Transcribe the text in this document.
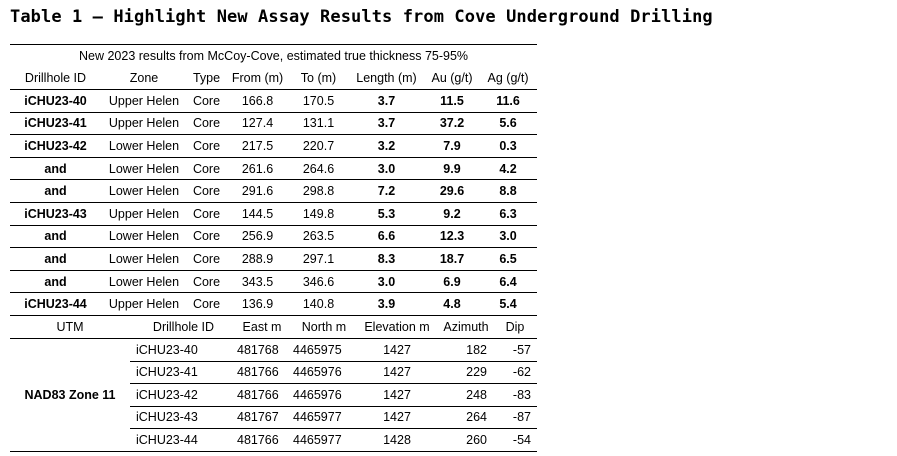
Table 1 – Highlight New Assay Results from Cove Underground Drilling
New 2023 results from McCoy-Cove, estimated true thickness 75-95%							
Drillhole ID	Zone	Type	From (m)	To (m)	Length (m)	Au (g/t)	Ag (g/t)
iCHU23-40	Upper Helen	Core	166.8	170.5	3.7	11.5	11.6
iCHU23-41	Upper Helen	Core	127.4	131.1	3.7	37.2	5.6
iCHU23-42	Lower Helen	Core	217.5	220.7	3.2	7.9	0.3
and	Lower Helen	Core	261.6	264.6	3.0	9.9	4.2
and	Lower Helen	Core	291.6	298.8	7.2	29.6	8.8
iCHU23-43	Upper Helen	Core	144.5	149.8	5.3	9.2	6.3
and	Lower Helen	Core	256.9	263.5	6.6	12.3	3.0
and	Lower Helen	Core	288.9	297.1	8.3	18.7	6.5
and	Lower Helen	Core	343.5	346.6	3.0	6.9	6.4
iCHU23-44	Upper Helen	Core	136.9	140.8	3.9	4.8	5.4
UTM	Drillhole ID	East m	North m	Elevation m	Azimuth	Dip
NAD83 Zone 11	iCHU23-40	481768	4465975	1427	182	-57
	iCHU23-41	481766	4465976	1427	229	-62
	iCHU23-42	481766	4465976	1427	248	-83
	iCHU23-43	481767	4465977	1427	264	-87
	iCHU23-44	481766	4465977	1428	260	-54
